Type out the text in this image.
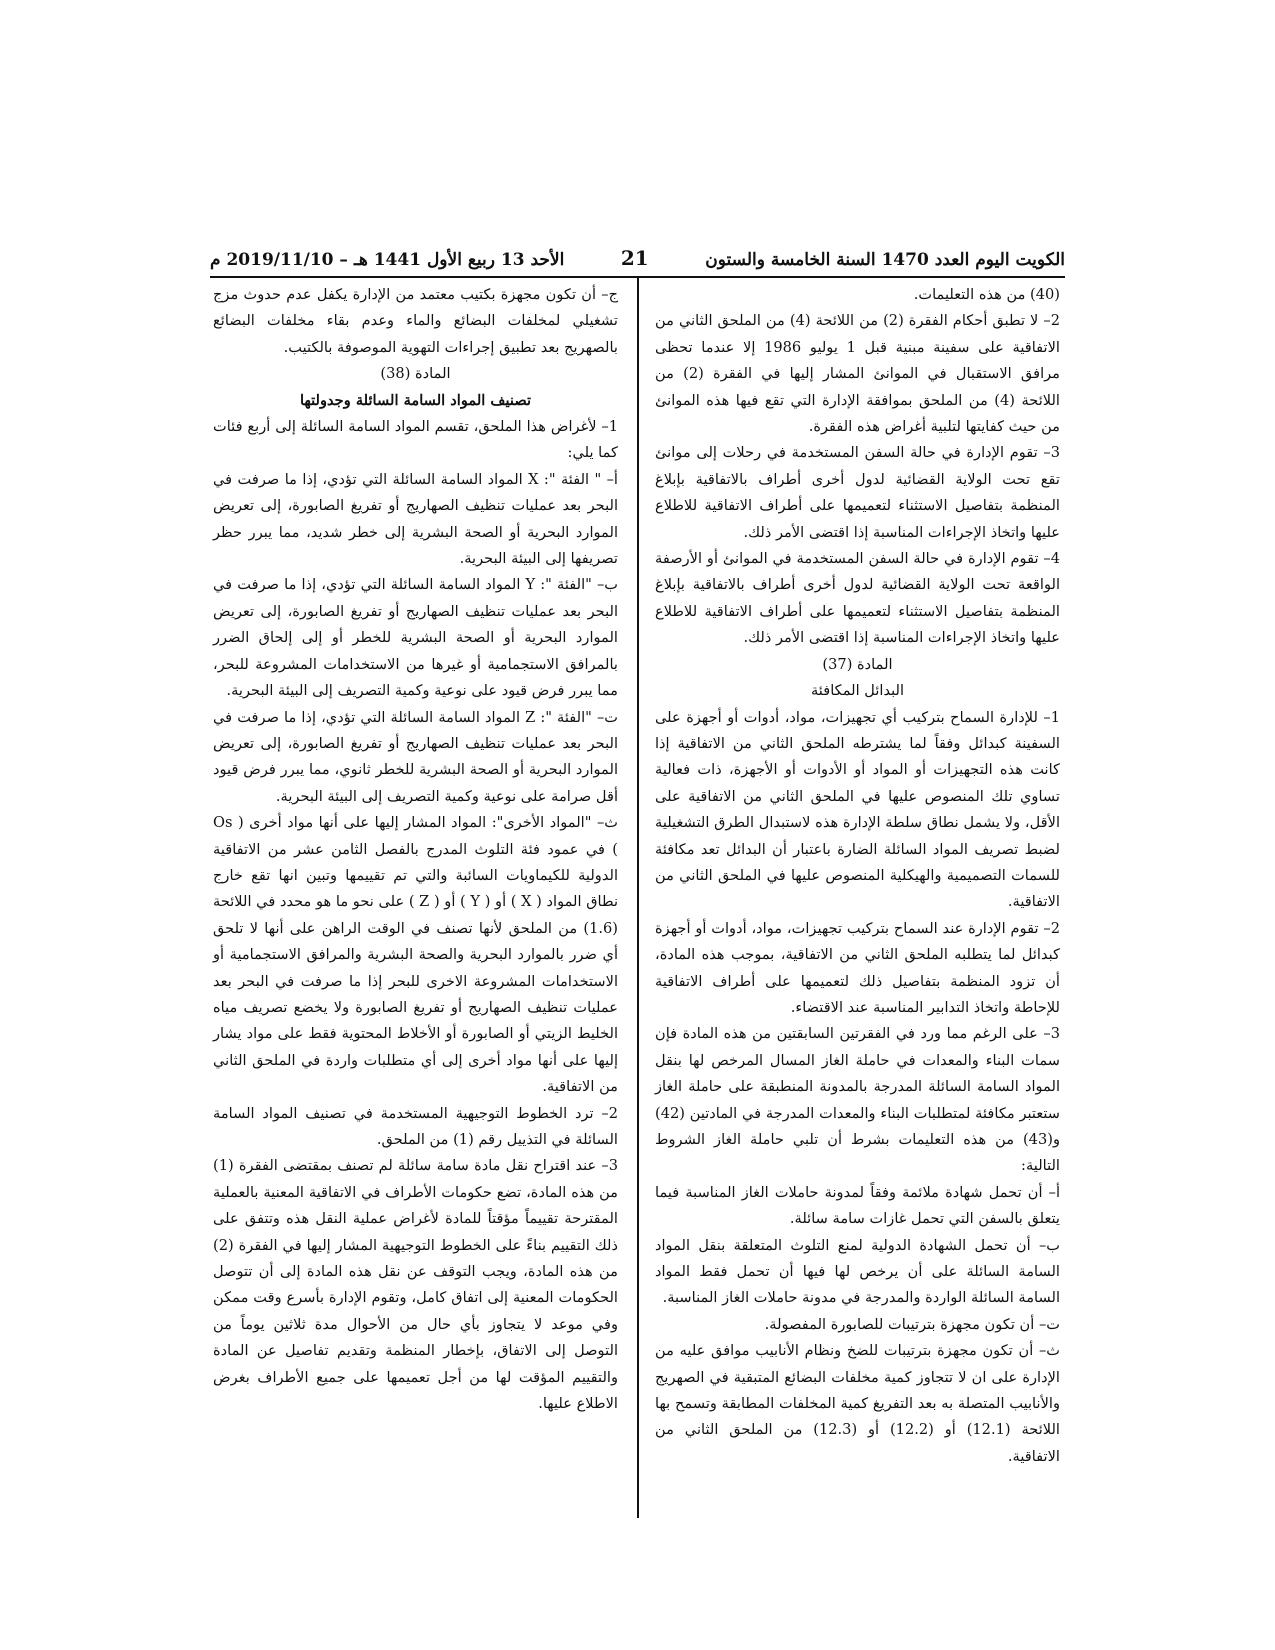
الكويت اليوم العدد 1470 السنة الخامسة والستون
21
الأحد 13 ربيع الأول 1441 هـ – 2019/11/10 م

(40) من هذه التعليمات.

2– لا تطبق أحكام الفقرة (2) من اللائحة (4) من الملحق الثاني من الاتفاقية على سفينة مبنية قبل 1 يوليو 1986 إلا عندما تحظى مرافق الاستقبال في الموانئ المشار إليها في الفقرة (2) من اللائحة (4) من الملحق بموافقة الإدارة التي تقع فيها هذه الموانئ من حيث كفايتها لتلبية أغراض هذه الفقرة.

3– تقوم الإدارة في حالة السفن المستخدمة في رحلات إلى موانئ تقع تحت الولاية القضائية لدول أخرى أطراف بالاتفاقية بإبلاغ المنظمة بتفاصيل الاستثناء لتعميمها على أطراف الاتفاقية للاطلاع عليها واتخاذ الإجراءات المناسبة إذا اقتضى الأمر ذلك.

4– تقوم الإدارة في حالة السفن المستخدمة في الموانئ أو الأرصفة الواقعة تحت الولاية القضائية لدول أخرى أطراف بالاتفاقية بإبلاغ المنظمة بتفاصيل الاستثناء لتعميمها على أطراف الاتفاقية للاطلاع عليها واتخاذ الإجراءات المناسبة إذا اقتضى الأمر ذلك.

المادة (37)

البدائل المكافئة

1– للإدارة السماح بتركيب أي تجهيزات، مواد، أدوات أو أجهزة على السفينة كبدائل وفقاً لما يشترطه الملحق الثاني من الاتفاقية إذا كانت هذه التجهيزات أو المواد أو الأدوات أو الأجهزة، ذات فعالية تساوي تلك المنصوص عليها في الملحق الثاني من الاتفاقية على الأقل، ولا يشمل نطاق سلطة الإدارة هذه لاستبدال الطرق التشغيلية لضبط تصريف المواد السائلة الضارة باعتبار أن البدائل تعد مكافئة للسمات التصميمية والهيكلية المنصوص عليها في الملحق الثاني من الاتفاقية.

2– تقوم الإدارة عند السماح بتركيب تجهيزات، مواد، أدوات أو أجهزة كبدائل لما يتطلبه الملحق الثاني من الاتفاقية، بموجب هذه المادة، أن تزود المنظمة بتفاصيل ذلك لتعميمها على أطراف الاتفاقية للإحاطة واتخاذ التدابير المناسبة عند الاقتضاء.

3– على الرغم مما ورد في الفقرتين السابقتين من هذه المادة فإن سمات البناء والمعدات في حاملة الغاز المسال المرخص لها بنقل المواد السامة السائلة المدرجة بالمدونة المنطبقة على حاملة الغاز ستعتبر مكافئة لمتطلبات البناء والمعدات المدرجة في المادتين (42) و(43) من هذه التعليمات بشرط أن تلبي حاملة الغاز الشروط التالية:

أ– أن تحمل شهادة ملائمة وفقاً لمدونة حاملات الغاز المناسبة فيما يتعلق بالسفن التي تحمل غازات سامة سائلة.

ب– أن تحمل الشهادة الدولية لمنع التلوث المتعلقة بنقل المواد السامة السائلة على أن يرخص لها فيها أن تحمل فقط المواد السامة السائلة الواردة والمدرجة في مدونة حاملات الغاز المناسبة.

ت– أن تكون مجهزة بترتيبات للصابورة المفصولة.

ث– أن تكون مجهزة بترتيبات للضخ ونظام الأنابيب موافق عليه من الإدارة على ان لا تتجاوز كمية مخلفات البضائع المتبقية في الصهريج والأنابيب المتصلة به بعد التفريغ كمية المخلفات المطابقة وتسمح بها اللائحة (12.1) أو (12.2) أو (12.3) من الملحق الثاني من الاتفاقية.

ج– أن تكون مجهزة بكتيب معتمد من الإدارة يكفل عدم حدوث مزج تشغيلي لمخلفات البضائع والماء وعدم بقاء مخلفات البضائع بالصهريج بعد تطبيق إجراءات التهوية الموصوفة بالكتيب.

المادة (38)

تصنيف المواد السامة السائلة وجدولتها

1– لأغراض هذا الملحق، تقسم المواد السامة السائلة إلى أربع فئات كما يلي:

أ– " الفئة ": X المواد السامة السائلة التي تؤدي، إذا ما صرفت في البحر بعد عمليات تنظيف الصهاريج أو تفريغ الصابورة، إلى تعريض الموارد البحرية أو الصحة البشرية إلى خطر شديد، مما يبرر حظر تصريفها إلى البيئة البحرية.

ب– "الفئة ": Y المواد السامة السائلة التي تؤدي، إذا ما صرفت في البحر بعد عمليات تنظيف الصهاريج أو تفريغ الصابورة، إلى تعريض الموارد البحرية أو الصحة البشرية للخطر أو إلى إلحاق الضرر بالمرافق الاستجمامية أو غيرها من الاستخدامات المشروعة للبحر، مما يبرر فرض قيود على نوعية وكمية التصريف إلى البيئة البحرية.

ت– "الفئة ": Z المواد السامة السائلة التي تؤدي، إذا ما صرفت في البحر بعد عمليات تنظيف الصهاريج أو تفريغ الصابورة، إلى تعريض الموارد البحرية أو الصحة البشرية للخطر ثانوي، مما يبرر فرض قيود أقل صرامة على نوعية وكمية التصريف إلى البيئة البحرية.

ث– "المواد الأخرى": المواد المشار إليها على أنها مواد أخرى ( Os ) في عمود فئة التلوث المدرج بالفصل الثامن عشر من الاتفاقية الدولية للكيماويات السائبة والتي تم تقييمها وتبين انها تقع خارج نطاق المواد ( X ) أو ( Y ) أو ( Z ) على نحو ما هو محدد في اللائحة (1.6) من الملحق لأنها تصنف في الوقت الراهن على أنها لا تلحق أي ضرر بالموارد البحرية والصحة البشرية والمرافق الاستجمامية أو الاستخدامات المشروعة الاخرى للبحر إذا ما صرفت في البحر بعد عمليات تنظيف الصهاريج أو تفريغ الصابورة ولا يخضع تصريف مياه الخليط الزيتي أو الصابورة أو الأخلاط المحتوية فقط على مواد يشار إليها على أنها مواد أخرى إلى أي متطلبات واردة في الملحق الثاني من الاتفاقية.

2– ترد الخطوط التوجيهية المستخدمة في تصنيف المواد السامة السائلة في التذييل رقم (1) من الملحق.

3– عند اقتراح نقل مادة سامة سائلة لم تصنف بمقتضى الفقرة (1) من هذه المادة، تضع حكومات الأطراف في الاتفاقية المعنية بالعملية المقترحة تقييماً مؤقتاً للمادة لأغراض عملية النقل هذه وتتفق على ذلك التقييم بناءً على الخطوط التوجيهية المشار إليها في الفقرة (2) من هذه المادة، ويجب التوقف عن نقل هذه المادة إلى أن تتوصل الحكومات المعنية إلى اتفاق كامل، وتقوم الإدارة بأسرع وقت ممكن وفي موعد لا يتجاوز بأي حال من الأحوال مدة ثلاثين يوماً من التوصل إلى الاتفاق، بإخطار المنظمة وتقديم تفاصيل عن المادة والتقييم المؤقت لها من أجل تعميمها على جميع الأطراف بغرض الاطلاع عليها.
